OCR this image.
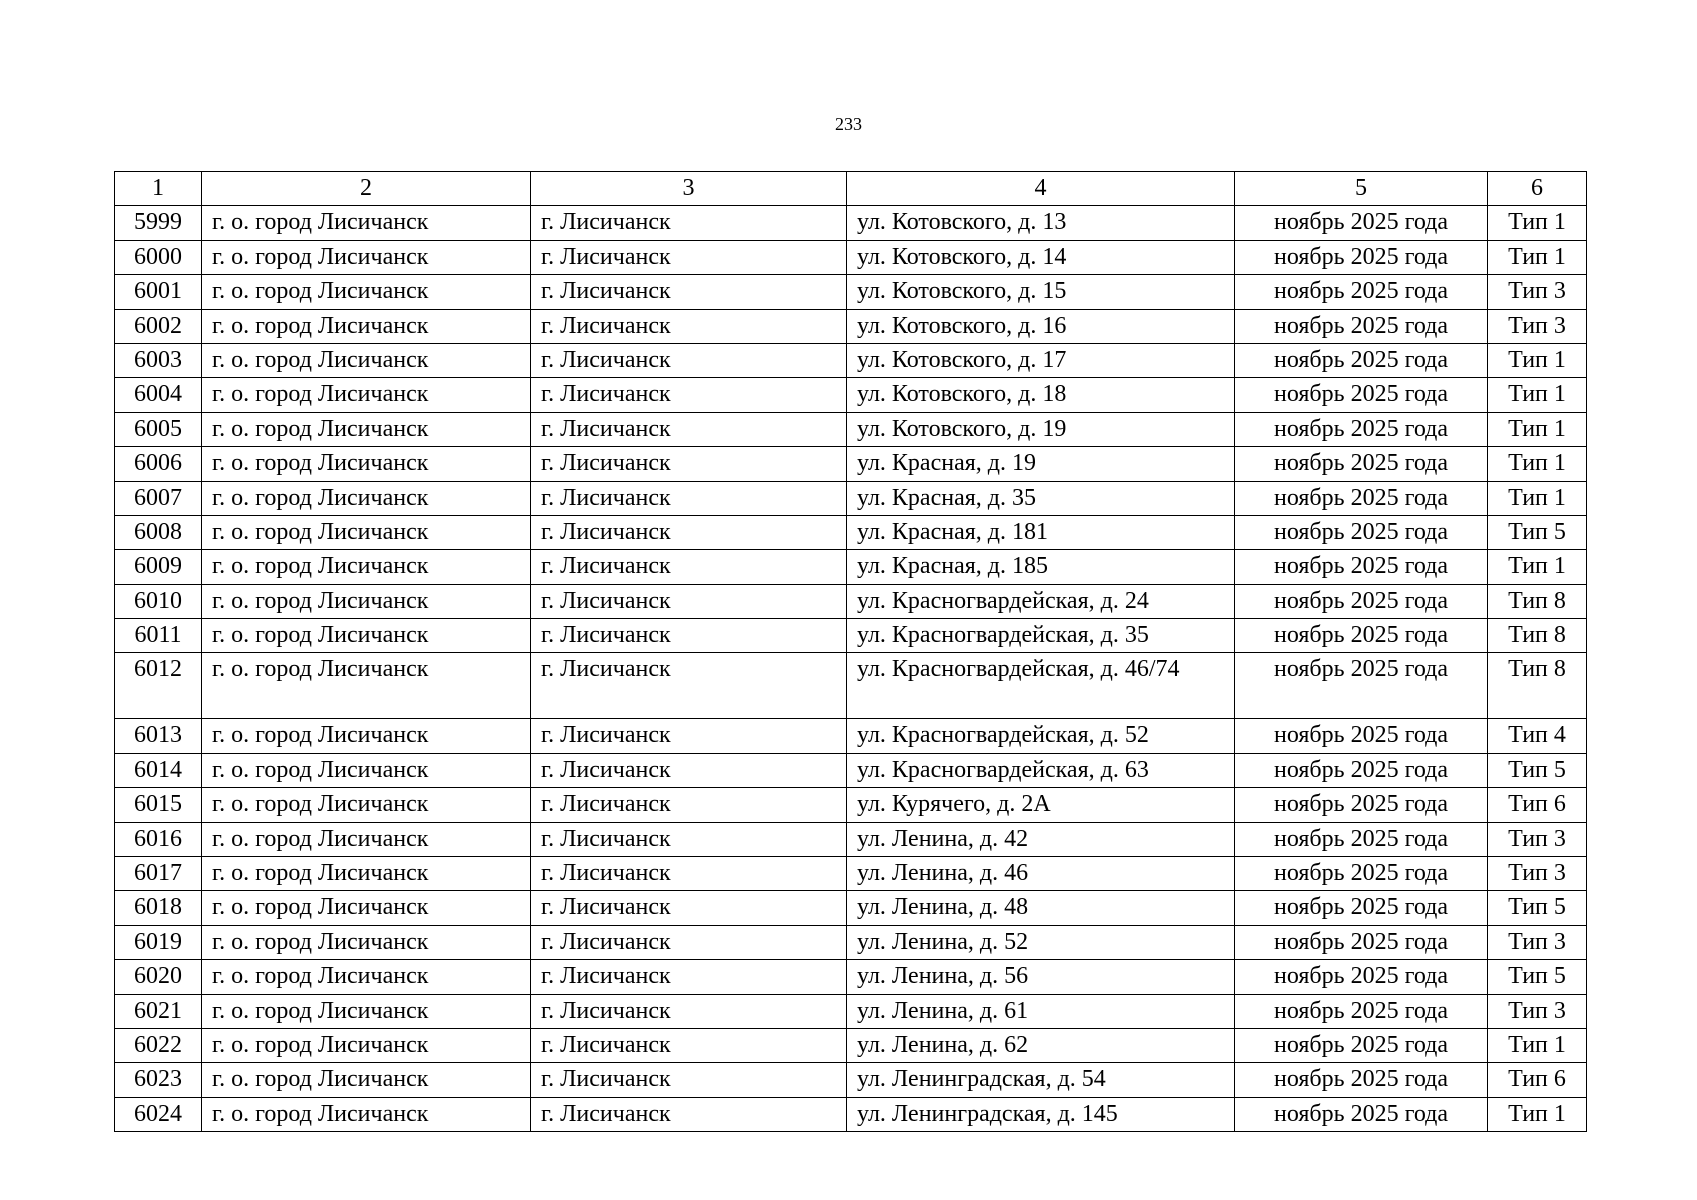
233
1	2	3	4	5	6
5999	г. о. город Лисичанск	г. Лисичанск	ул. Котовского, д. 13	ноябрь 2025 года	Тип 1
6000	г. о. город Лисичанск	г. Лисичанск	ул. Котовского, д. 14	ноябрь 2025 года	Тип 1
6001	г. о. город Лисичанск	г. Лисичанск	ул. Котовского, д. 15	ноябрь 2025 года	Тип 3
6002	г. о. город Лисичанск	г. Лисичанск	ул. Котовского, д. 16	ноябрь 2025 года	Тип 3
6003	г. о. город Лисичанск	г. Лисичанск	ул. Котовского, д. 17	ноябрь 2025 года	Тип 1
6004	г. о. город Лисичанск	г. Лисичанск	ул. Котовского, д. 18	ноябрь 2025 года	Тип 1
6005	г. о. город Лисичанск	г. Лисичанск	ул. Котовского, д. 19	ноябрь 2025 года	Тип 1
6006	г. о. город Лисичанск	г. Лисичанск	ул. Красная, д. 19	ноябрь 2025 года	Тип 1
6007	г. о. город Лисичанск	г. Лисичанск	ул. Красная, д. 35	ноябрь 2025 года	Тип 1
6008	г. о. город Лисичанск	г. Лисичанск	ул. Красная, д. 181	ноябрь 2025 года	Тип 5
6009	г. о. город Лисичанск	г. Лисичанск	ул. Красная, д. 185	ноябрь 2025 года	Тип 1
6010	г. о. город Лисичанск	г. Лисичанск	ул. Красногвардейская, д. 24	ноябрь 2025 года	Тип 8
6011	г. о. город Лисичанск	г. Лисичанск	ул. Красногвардейская, д. 35	ноябрь 2025 года	Тип 8
6012	г. о. город Лисичанск	г. Лисичанск	ул. Красногвардейская, д. 46/74	ноябрь 2025 года	Тип 8
6013	г. о. город Лисичанск	г. Лисичанск	ул. Красногвардейская, д. 52	ноябрь 2025 года	Тип 4
6014	г. о. город Лисичанск	г. Лисичанск	ул. Красногвардейская, д. 63	ноябрь 2025 года	Тип 5
6015	г. о. город Лисичанск	г. Лисичанск	ул. Курячего, д. 2А	ноябрь 2025 года	Тип 6
6016	г. о. город Лисичанск	г. Лисичанск	ул. Ленина, д. 42	ноябрь 2025 года	Тип 3
6017	г. о. город Лисичанск	г. Лисичанск	ул. Ленина, д. 46	ноябрь 2025 года	Тип 3
6018	г. о. город Лисичанск	г. Лисичанск	ул. Ленина, д. 48	ноябрь 2025 года	Тип 5
6019	г. о. город Лисичанск	г. Лисичанск	ул. Ленина, д. 52	ноябрь 2025 года	Тип 3
6020	г. о. город Лисичанск	г. Лисичанск	ул. Ленина, д. 56	ноябрь 2025 года	Тип 5
6021	г. о. город Лисичанск	г. Лисичанск	ул. Ленина, д. 61	ноябрь 2025 года	Тип 3
6022	г. о. город Лисичанск	г. Лисичанск	ул. Ленина, д. 62	ноябрь 2025 года	Тип 1
6023	г. о. город Лисичанск	г. Лисичанск	ул. Ленинградская, д. 54	ноябрь 2025 года	Тип 6
6024	г. о. город Лисичанск	г. Лисичанск	ул. Ленинградская, д. 145	ноябрь 2025 года	Тип 1
